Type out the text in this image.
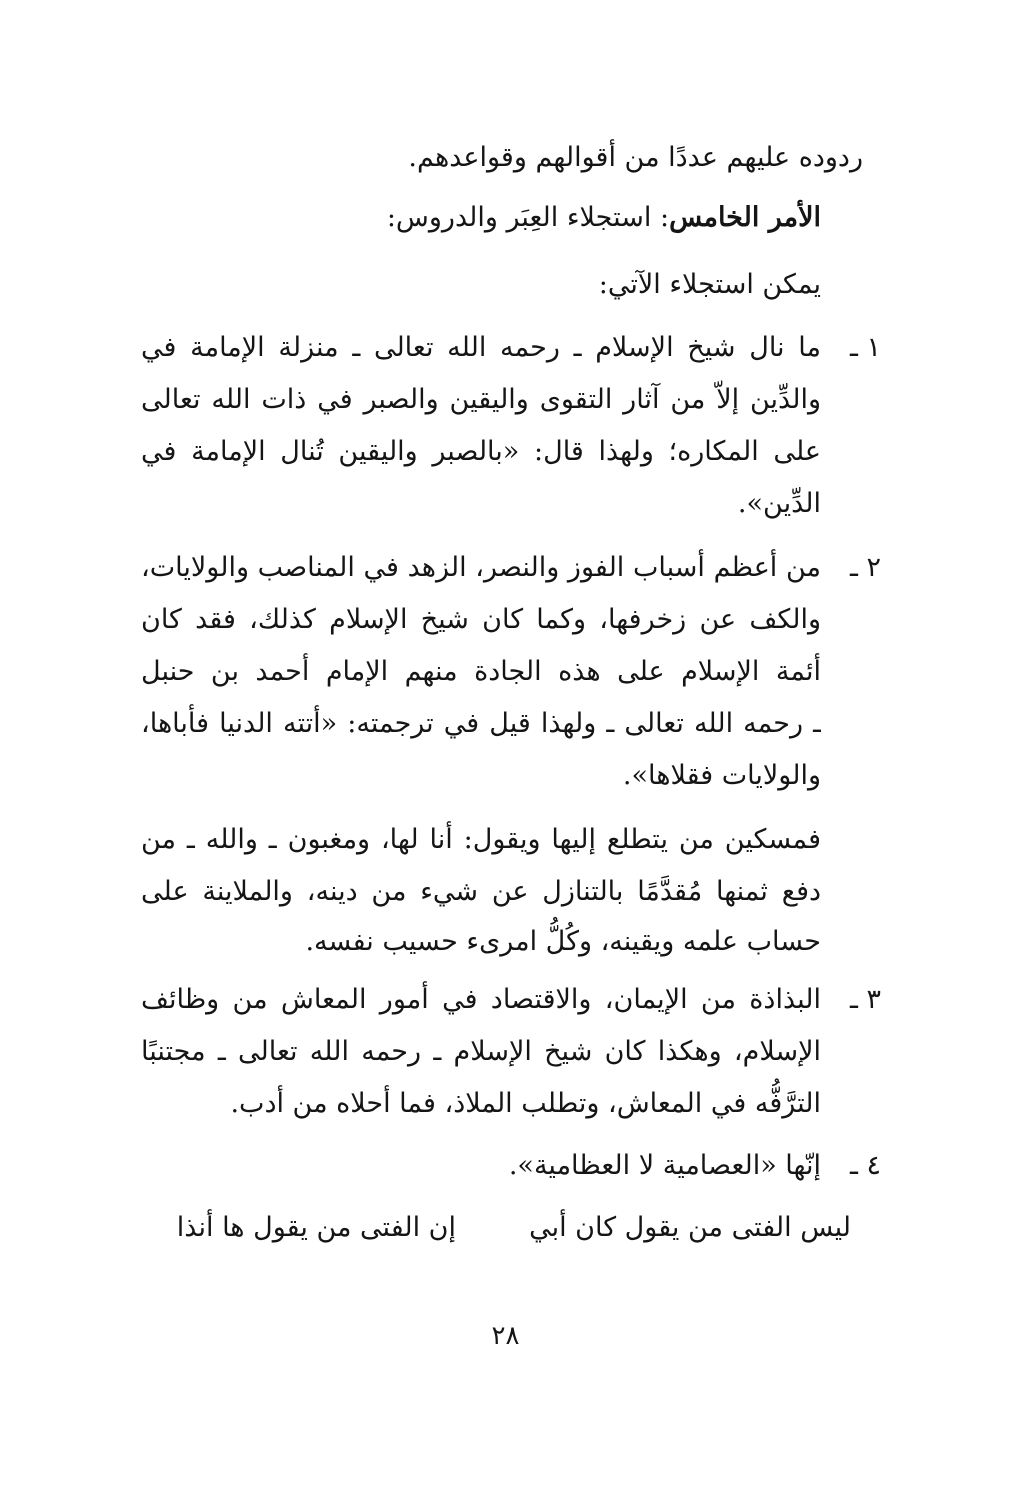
ردوده عليهم عددًا من أقوالهم وقواعدهم.
الأمر الخامس: استجلاء العِبَر والدروس:
يمكن استجلاء الآتي:
١ ـ
ما نال شيخ الإسلام ـ رحمه الله تعالى ـ منزلة الإمامة في
والدِّين إلاَّ من آثار التقوى واليقين والصبر في ذات الله تعالى
على المكاره؛ ولهذا قال: «بالصبر واليقين تُنال الإمامة في
الدِّين».
٢ ـ
من أعظم أسباب الفوز والنصر، الزهد في المناصب والولايات،
والكف عن زخرفها، وكما كان شيخ الإسلام كذلك، فقد كان
أئمة الإسلام على هذه الجادة منهم الإمام أحمد بن حنبل
ـ رحمه الله تعالى ـ ولهذا قيل في ترجمته: «أتته الدنيا فأباها،
والولايات فقلاها».
فمسكين من يتطلع إليها ويقول: أنا لها، ومغبون ـ والله ـ من
دفع ثمنها مُقدَّمًا بالتنازل عن شيء من دينه، والملاينة على
حساب علمه ويقينه، وكُلُّ امرىء حسيب نفسه.
٣ ـ
البذاذة من الإيمان، والاقتصاد في أُمور المعاش من وظائف
الإسلام، وهكذا كان شيخ الإسلام ـ رحمه الله تعالى ـ مجتنبًا
الترَّفُّه في المعاش، وتطلب الملاذ، فما أحلاه من أدب.
٤ ـ
إنّها «العصامية لا العظامية».
ليس الفتى من يقول كان أبي
إن الفتى من يقول ها أنذا
٢٨
